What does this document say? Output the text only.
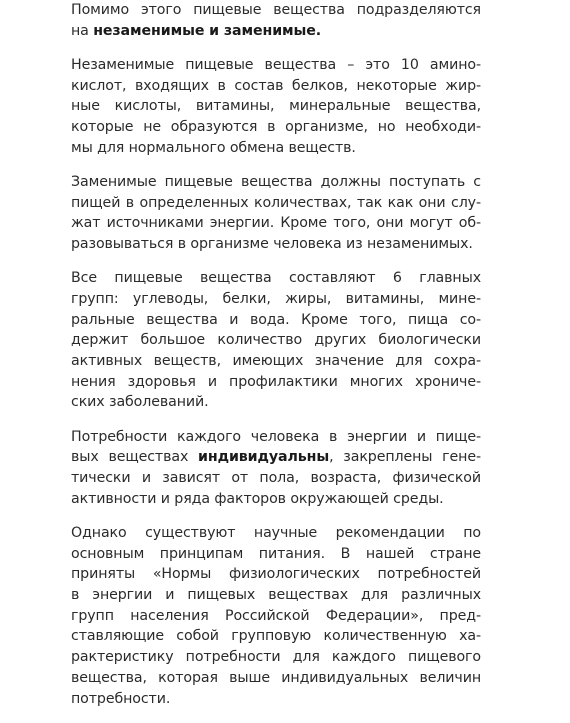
Помимо этого пищевые вещества подразделяются
на незаменимые и заменимые.

Незаменимые пищевые вещества – это 10 амино-
кислот, входящих в состав белков, некоторые жир-
ные кислоты, витамины, минеральные вещества,
которые не образуются в организме, но необходи-
мы для нормального обмена веществ.

Заменимые пищевые вещества должны поступать с
пищей в определенных количествах, так как они слу-
жат источниками энергии. Кроме того, они могут об-
разовываться в организме человека из незаменимых.

Все пищевые вещества составляют 6 главных
групп: углеводы, белки, жиры, витамины, мине-
ральные вещества и вода. Кроме того, пища со-
держит большое количество других биологически
активных веществ, имеющих значение для сохра-
нения здоровья и профилактики многих хрониче-
ских заболеваний.

Потребности каждого человека в энергии и пище-
вых веществах индивидуальны, закреплены гене-
тически и зависят от пола, возраста, физической
активности и ряда факторов окружающей среды.

Однако существуют научные рекомендации по
основным принципам питания. В нашей стране
приняты «Нормы физиологических потребностей
в энергии и пищевых веществах для различных
групп населения Российской Федерации», пред-
ставляющие собой групповую количественную ха-
рактеристику потребности для каждого пищевого
вещества, которая выше индивидуальных величин
потребности.
